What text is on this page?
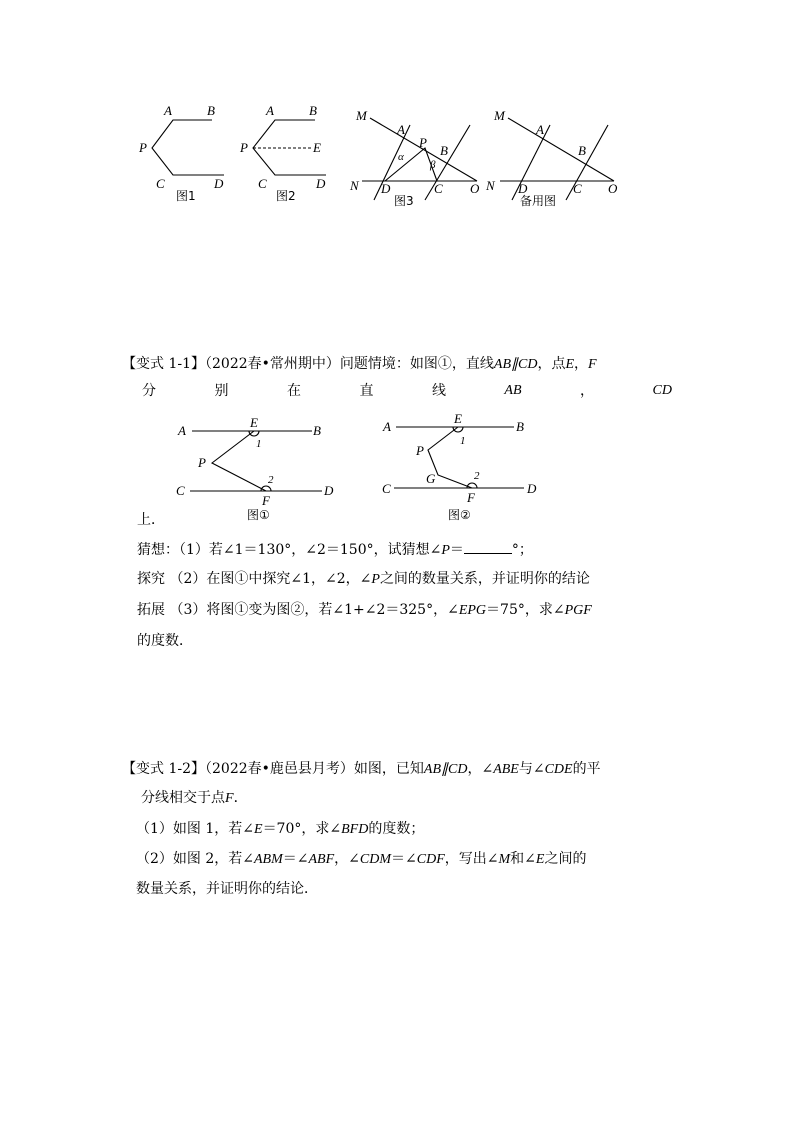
A	B
P
C	D
图1
A	B
P	E
C	D
图2
M
A
P
B
α
β
N D	C O
图3
M
A
B
N D	C O
备用图
【变式 1-1】（2022春•常州期中）问题情境：如图①，直线AB∥CD，点E，F
分	别	在	直	线	AB	，	CD
A
E
B
1
P
2
C
F
D
图①
A
E
B
1
P
G	2
C
F
D
图②
上．
猜想：（1）若∠1＝130°，∠2＝150°，试猜想∠P＝	°；
探究 （2）在图①中探究∠1，∠2，∠P之间的数量关系，并证明你的结论
拓展 （3）将图①变为图②，若∠1+∠2＝325°，∠EPG＝75°，求∠PGF
的度数．
【变式 1-2】（2022春•鹿邑县月考）如图，已知AB∥CD，∠ABE与∠CDE的平
分线相交于点F．
（1）如图 1，若∠E＝70°，求∠BFD的度数；
（2）如图 2，若∠ABM＝∠ABF，∠CDM＝∠CDF，写出∠M和∠E之间的
数量关系，并证明你的结论．
